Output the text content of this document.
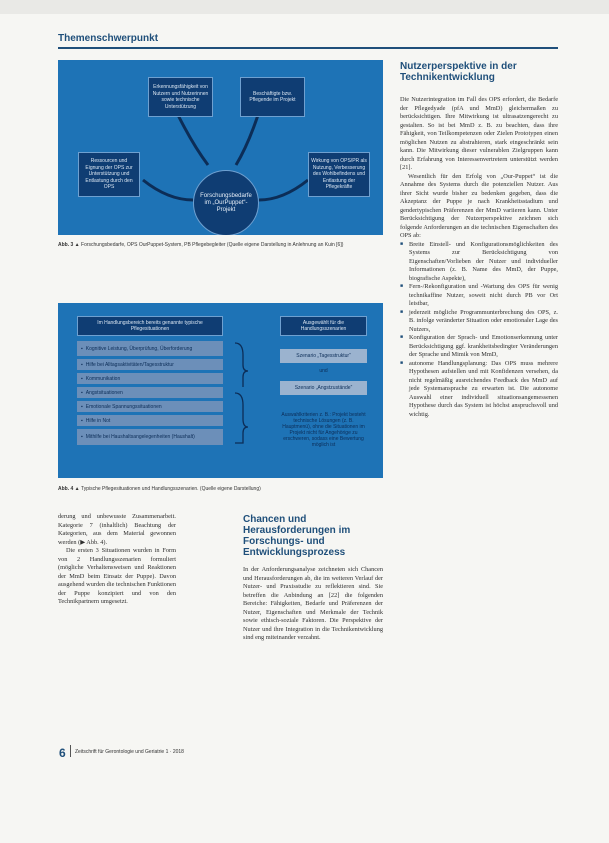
Themenschwerpunkt
Erkennungsfähigkeit von Nutzern und Nutzerinnen sowie technische Unterstützung
Beschäftigte bzw. Pflegende im Projekt
Ressourcen und Eignung der OPS zur Unterstützung und Entlastung durch den OPS
Wirkung von OPS/PR als Nutzung, Verbesserung des Wohlbefindens und Entlastung der Pflegekräfte
Forschungsbedarfe im „OurPuppet“-Projekt
Abb. 3 ▲ Forschungsbedarfe, OPS OurPuppet-System, PB Pflegebegleiter (Quelle eigene Darstellung in Anlehnung an Kuin [6])
Im Handlungsbereich bereits genannte typische Pflegesituationen
▪ Kognitive Leistung, Überprüfung, Überforderung
▪ Hilfe bei Alltagsaktivitäten/Tagesstruktur
▪ Kommunikation
▪ Angstsituationen
▪ Emotionale Spannungssituationen
▪ Hilfe in Not
▪ Mithilfe bei Haushaltsangelegenheiten (Haushalt)
Ausgewählt für die Handlungsszenarien
Szenario „Tagesstruktur“
und
Szenario „Angstzustände“
Auswahlkriterien z. B.: Projekt besteht technische Lösungen (z. B. Hauptmenü), ohne die Situationen im Projekt nicht für Angehörige zu erschweren, sodass eine Bewertung möglich ist
Abb. 4 ▲ Typische Pflegesituationen und Handlungsszenarien. (Quelle eigene Darstellung)

derung und unbewusste Zusammenarbeit. Kategorie 7 (inhaltlich) Beachtung der Kategorien, aus dem Material gewonnen werden (▶ Abb. 4).

Die ersten 3 Situationen wurden in Form von 2 Handlungsszenarien formuliert (mögliche Verhaltensweisen und Reaktionen der MmD beim Einsatz der Puppe). Davon ausgehend wurden die technischen Funktionen der Puppe konzipiert und von den Technikpartnern umgesetzt.

Chancen und Herausforderungen im Forschungs- und Entwicklungsprozess

In der Anforderungsanalyse zeichneten sich Chancen und Herausforderungen ab, die im weiteren Verlauf der Nutzer- und Praxisstudie zu reflektieren sind. Sie betreffen die Anbindung an [22] die folgenden Bereiche: Fähigkeiten, Bedarfe und Präferenzen der Nutzer, Eigenschaften und Merkmale der Technik sowie ethisch-soziale Faktoren. Die Perspektive der Nutzer und ihre Integration in die Technikentwicklung sind eng miteinander verzahnt.

Nutzerperspektive in der Technikentwicklung

Die Nutzerintegration im Fall des OPS erfordert, die Bedarfe der Pflegedyade (pfA und MmD) gleichermaßen zu berücksichtigen. Ihre Mitwirkung ist ultrasatzengerecht zu gestalten. So ist bei MmD z. B. zu beachten, dass ihre Fähigkeit, von Teilkompetenzen oder Zielen Prototypen einen möglichen Nutzen zu abstrahieren, stark eingeschränkt sein kann. Die Mitwirkung dieser vulnerablen Zielgruppen kann durch Erfahrung von Interessenvertretern unterstützt werden [21].

Wesentlich für den Erfolg von „Our-Puppet“ ist die Annahme des Systems durch die potenziellen Nutzer. Aus ihrer Sicht wurde bisher zu bedenken gegeben, dass die Akzeptanz der Puppe je nach Krankheitsstadium und gendertypischen Präferenzen der MmD variieren kann. Unter Berücksichtigung der Nutzerperspektive zeichnen sich folgende Anforderungen an die technischen Eigenschaften des OPS ab:

■ Breite Einstell- und Konfigurationsmöglichkeiten des Systems zur Berücksichtigung von Eigenschaften/Vorlieben der Nutzer und individueller Informationen (z. B. Name des MmD, der Puppe, biografische Aspekte),
■ Fern-/Rekonfiguration und -Wartung des OPS für wenig technikaffine Nutzer, soweit nicht durch PB vor Ort leistbar,
■ jederzeit mögliche Programmunterbrechung des OPS, z. B. infolge veränderter Situation oder emotionaler Lage des Nutzers,
■ Konfiguration der Sprach- und Emotionserkennung unter Berücksichtigung ggf. krankheitsbedingter Veränderungen der Sprache und Mimik von MmD,
■ autonome Handlungsplanung: Das OPS muss mehrere Hypothesen aufstellen und mit Konfidenzen versehen, da nicht regelmäßig ausreichendes Feedback des MmD auf jede Systemansprache zu erwarten ist. Die autonome Auswahl einer individuell situationsangemessenen Hypothese durch das System ist höchst anspruchsvoll und wichtig.
6 Zeitschrift für Gerontologie und Geriatrie 1 · 2018
